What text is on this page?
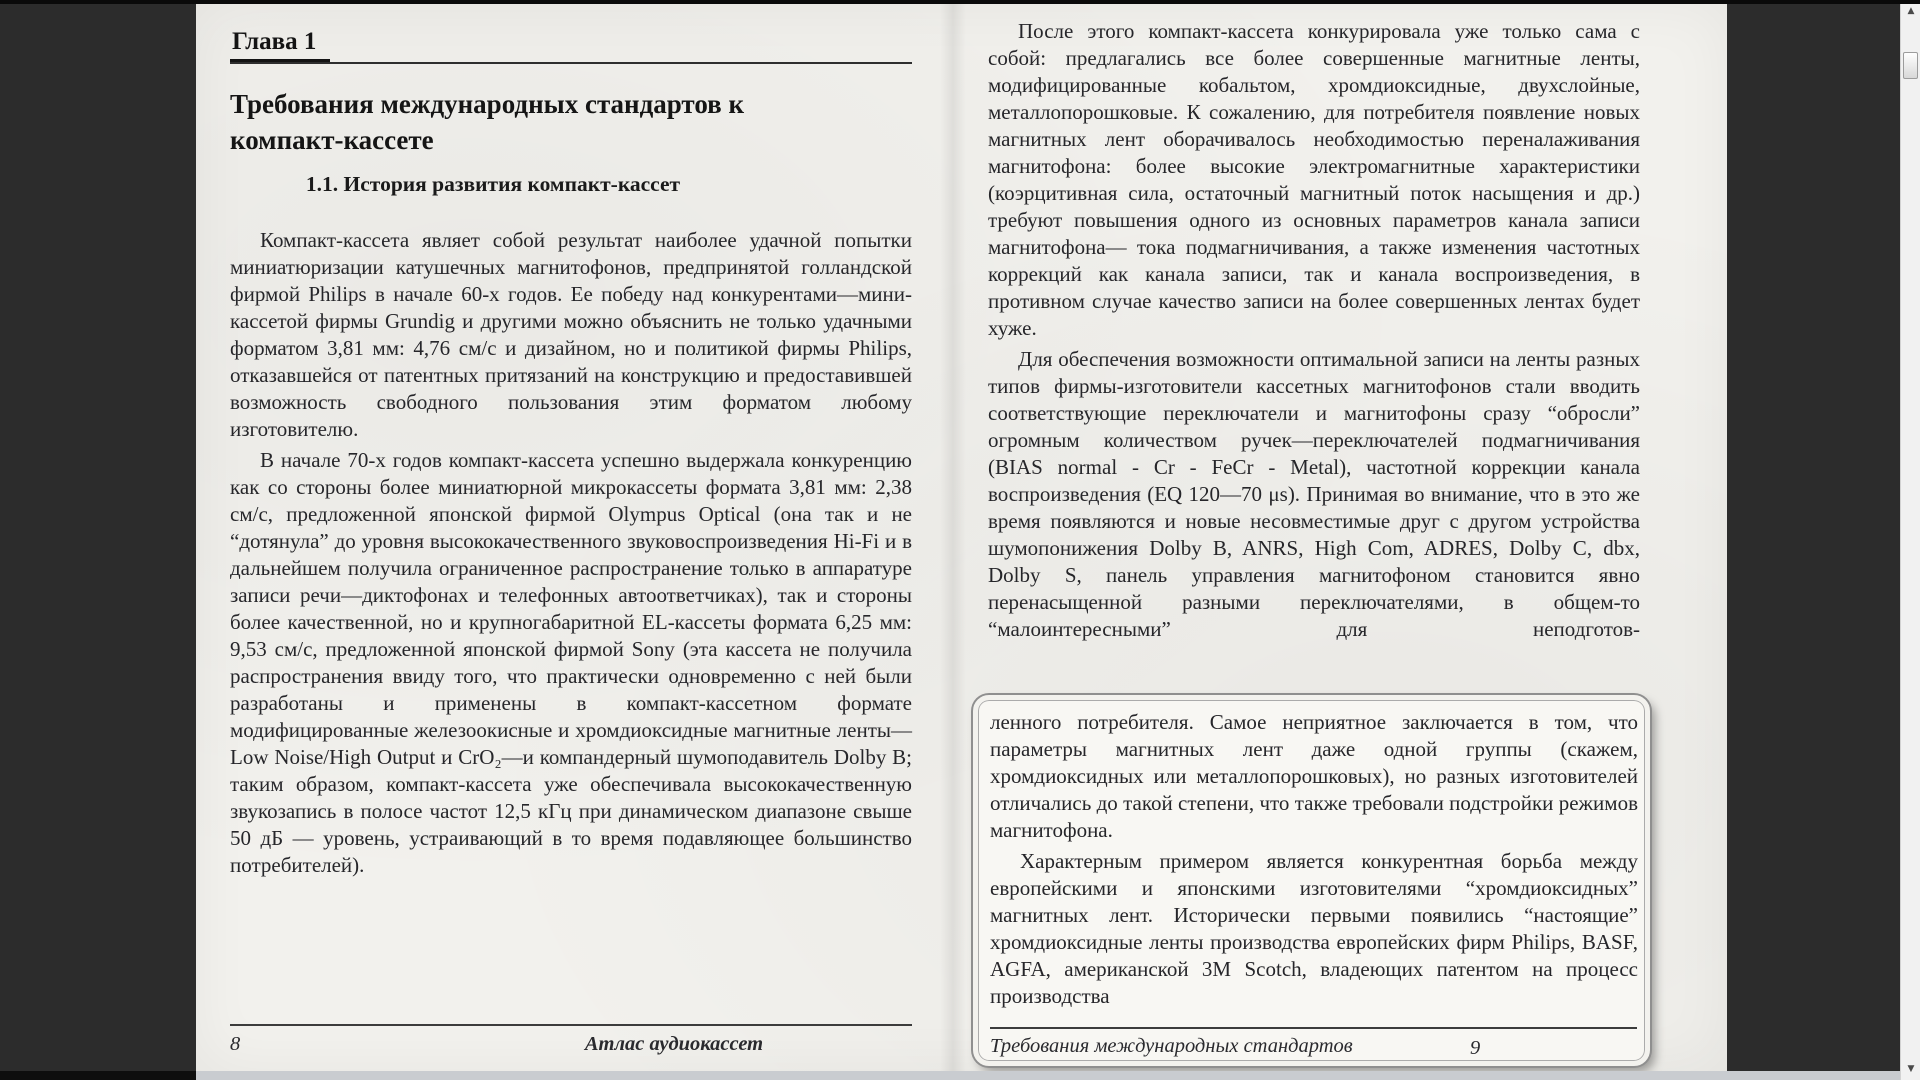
Глава 1
Требования международных стандартов к
компакт-кассете
1.1. История развития компакт-кассет
Компакт-кассета являет собой результат наиболее удачной попытки миниатюризации катушечных магнитофонов, предпринятой голландской фирмой Philips в начале 60-х годов. Ее победу над конкурентами—мини-кассетой фирмы Grundig и другими можно объяснить не только удачными форматом 3,81 мм: 4,76 см/с и дизайном, но и политикой фирмы Philips, отказавшейся от патентных притязаний на конструкцию и предоставившей возможность свободного пользования этим форматом любому изготовителю.
В начале 70-х годов компакт-кассета успешно выдержала конкуренцию как со стороны более миниатюрной микрокассеты формата 3,81 мм: 2,38 см/с, предложенной японской фирмой Olympus Optical (она так и не “дотянула” до уровня высококачественного звуковоспроизведения Hi-Fi и в дальнейшем получила ограниченное распространение только в аппаратуре записи речи—диктофонах и телефонных автоответчиках), так и стороны более качественной, но и крупногабаритной EL-кассеты формата 6,25 мм: 9,53 см/с, предложенной японской фирмой Sony (эта кассета не получила распространения ввиду того, что практически одновременно с ней были разработаны и применены в компакт-кассетном формате модифицированные железоокисные и хромдиоксидные магнитные ленты— Low Noise/High Output и CrO₂—и компандерный шумоподавитель Dolby B; таким образом, компакт-кассета уже обеспечивала высококачественную звукозапись в полосе частот 12,5 кГц при динамическом диапазоне свыше 50 дБ — уровень, устраивающий в то время подавляющее большинство потребителей).
8	Атлас аудиокассет
После этого компакт-кассета конкурировала уже только сама с собой: предлагались все более совершенные магнитные ленты, модифицированные кобальтом, хромдиоксидные, двухслойные, металлопорошковые. К сожалению, для потребителя появление новых магнитных лент оборачивалось необходимостью переналаживания магнитофона: более высокие электромагнитные характеристики (коэрцитивная сила, остаточный магнитный поток насыщения и др.) требуют повышения одного из основных параметров канала записи магнитофона— тока подмагничивания, а также изменения частотных коррекций как канала записи, так и канала воспроизведения, в противном случае качество записи на более совершенных лентах будет хуже.
Для обеспечения возможности оптимальной записи на ленты разных типов фирмы-изготовители кассетных магнитофонов стали вводить соответствующие переключатели и магнитофоны сразу “обросли” огромным количеством ручек—переключателей подмагничивания (BIAS normal - Cr - FeCr - Metal), частотной коррекции канала воспроизведения (EQ 120—70 μs). Принимая во внимание, что в это же время появляются и новые несовместимые друг с другом устройства шумопонижения Dolby B, ANRS, High Com, ADRES, Dolby C, dbx, Dolby S, панель управления магнитофоном становится явно перенасыщенной разными переключателями, в общем-то “малоинтересными” для неподготов-
ленного потребителя. Самое неприятное заключается в том, что параметры магнитных лент даже одной группы (скажем, хромдиоксидных или металлопорошковых), но разных изготовителей отличались до такой степени, что также требовали подстройки режимов магнитофона.
Характерным примером является конкурентная борьба между европейскими и японскими изготовителями “хромдиоксидных” магнитных лент. Исторически первыми появились “настоящие” хромдиоксидные ленты производства европейских фирм Philips, BASF, AGFA, американской 3M Scotch, владеющих патентом на процесс производства
Требования международных стандартов	9
▲
▼
